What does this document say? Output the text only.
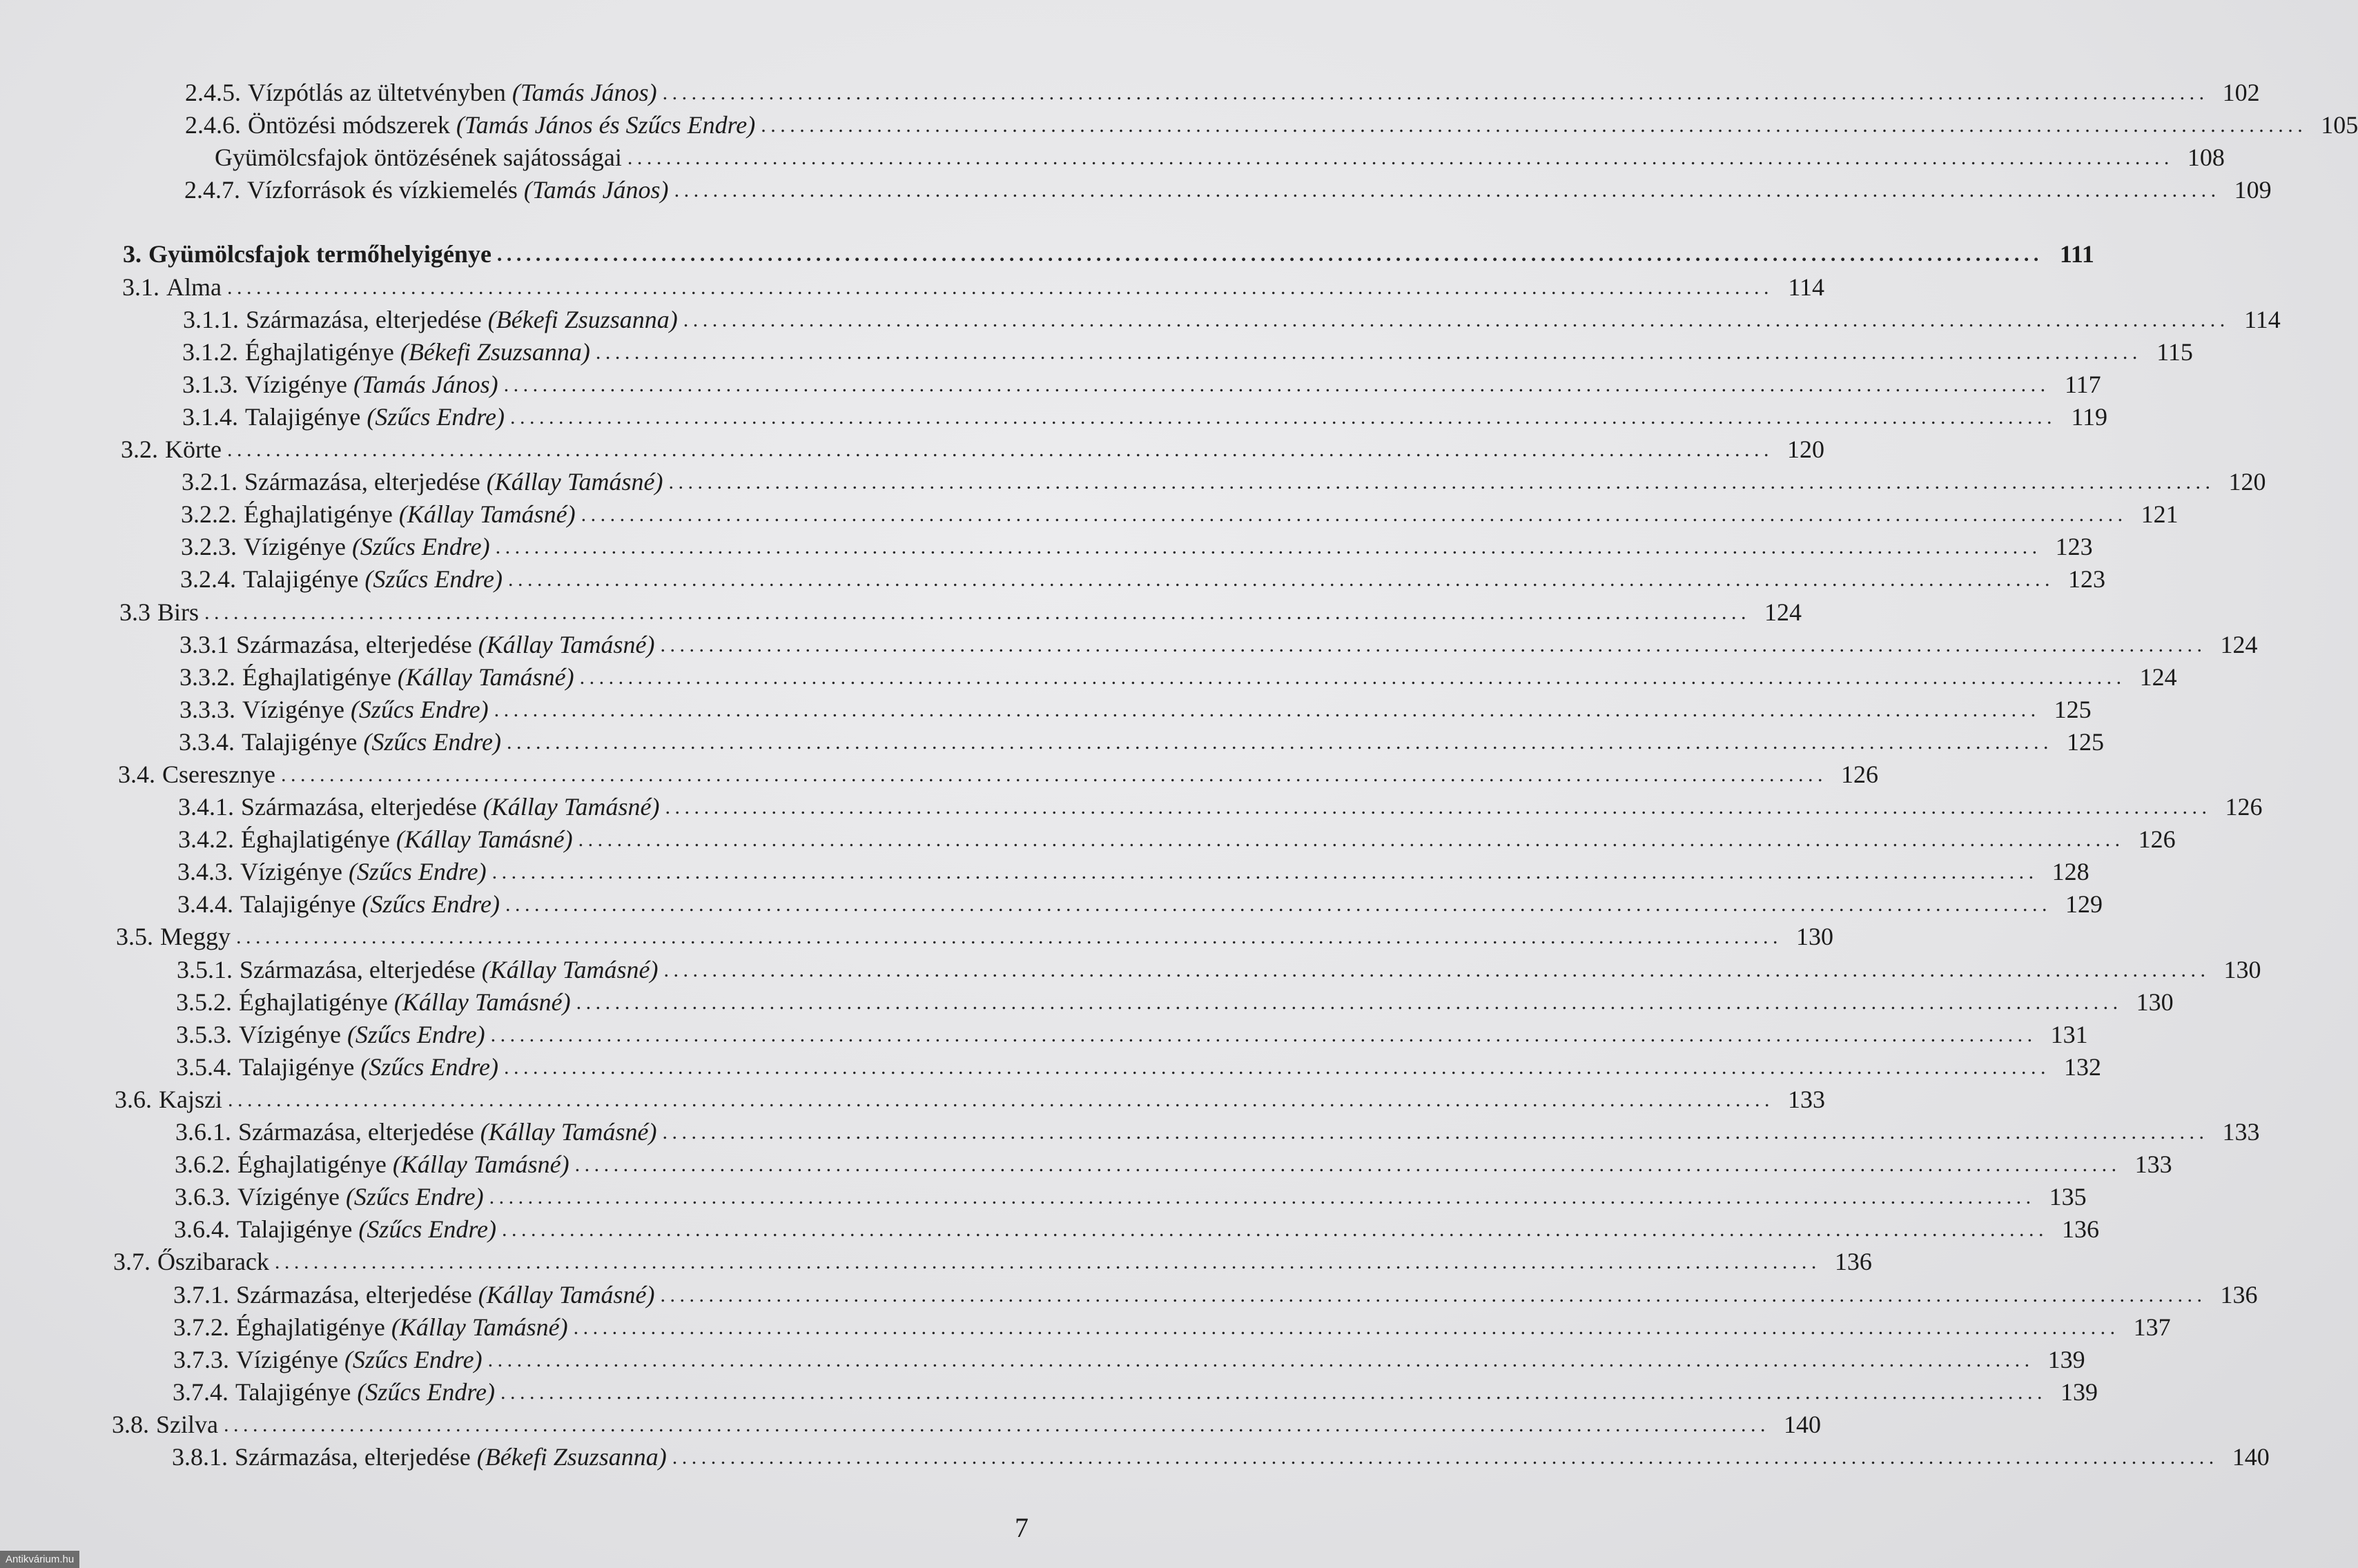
2.4.5. Vízpótlás az ültetvényben (Tamás János) ................................................................................................................................................................ 102
2.4.6. Öntözési módszerek (Tamás János és Szűcs Endre) ................................................................................................................................................................ 105
Gyümölcsfajok öntözésének sajátosságai ................................................................................................................................................................ 108
2.4.7. Vízforrások és vízkiemelés (Tamás János) ................................................................................................................................................................ 109
3. Gyümölcsfajok termőhelyigénye ................................................................................................................................................................ 111
3.1. Alma ................................................................................................................................................................ 114
3.1.1. Származása, elterjedése (Békefi Zsuzsanna) ................................................................................................................................................................ 114
3.1.2. Éghajlatigénye (Békefi Zsuzsanna) ................................................................................................................................................................ 115
3.1.3. Vízigénye (Tamás János) ................................................................................................................................................................ 117
3.1.4. Talajigénye (Szűcs Endre) ................................................................................................................................................................ 119
3.2. Körte ................................................................................................................................................................ 120
3.2.1. Származása, elterjedése (Kállay Tamásné) ................................................................................................................................................................ 120
3.2.2. Éghajlatigénye (Kállay Tamásné) ................................................................................................................................................................ 121
3.2.3. Vízigénye (Szűcs Endre) ................................................................................................................................................................ 123
3.2.4. Talajigénye (Szűcs Endre) ................................................................................................................................................................ 123
3.3 Birs ................................................................................................................................................................ 124
3.3.1 Származása, elterjedése (Kállay Tamásné) ................................................................................................................................................................ 124
3.3.2. Éghajlatigénye (Kállay Tamásné) ................................................................................................................................................................ 124
3.3.3. Vízigénye (Szűcs Endre) ................................................................................................................................................................ 125
3.3.4. Talajigénye (Szűcs Endre) ................................................................................................................................................................ 125
3.4. Cseresznye ................................................................................................................................................................ 126
3.4.1. Származása, elterjedése (Kállay Tamásné) ................................................................................................................................................................ 126
3.4.2. Éghajlatigénye (Kállay Tamásné) ................................................................................................................................................................ 126
3.4.3. Vízigénye (Szűcs Endre) ................................................................................................................................................................ 128
3.4.4. Talajigénye (Szűcs Endre) ................................................................................................................................................................ 129
3.5. Meggy ................................................................................................................................................................ 130
3.5.1. Származása, elterjedése (Kállay Tamásné) ................................................................................................................................................................ 130
3.5.2. Éghajlatigénye (Kállay Tamásné) ................................................................................................................................................................ 130
3.5.3. Vízigénye (Szűcs Endre) ................................................................................................................................................................ 131
3.5.4. Talajigénye (Szűcs Endre) ................................................................................................................................................................ 132
3.6. Kajszi ................................................................................................................................................................ 133
3.6.1. Származása, elterjedése (Kállay Tamásné) ................................................................................................................................................................ 133
3.6.2. Éghajlatigénye (Kállay Tamásné) ................................................................................................................................................................ 133
3.6.3. Vízigénye (Szűcs Endre) ................................................................................................................................................................ 135
3.6.4. Talajigénye (Szűcs Endre) ................................................................................................................................................................ 136
3.7. Őszibarack ................................................................................................................................................................ 136
3.7.1. Származása, elterjedése (Kállay Tamásné) ................................................................................................................................................................ 136
3.7.2. Éghajlatigénye (Kállay Tamásné) ................................................................................................................................................................ 137
3.7.3. Vízigénye (Szűcs Endre) ................................................................................................................................................................ 139
3.7.4. Talajigénye (Szűcs Endre) ................................................................................................................................................................ 139
3.8. Szilva ................................................................................................................................................................ 140
3.8.1. Származása, elterjedése (Békefi Zsuzsanna) ................................................................................................................................................................ 140
7
Antikvárium.hu
